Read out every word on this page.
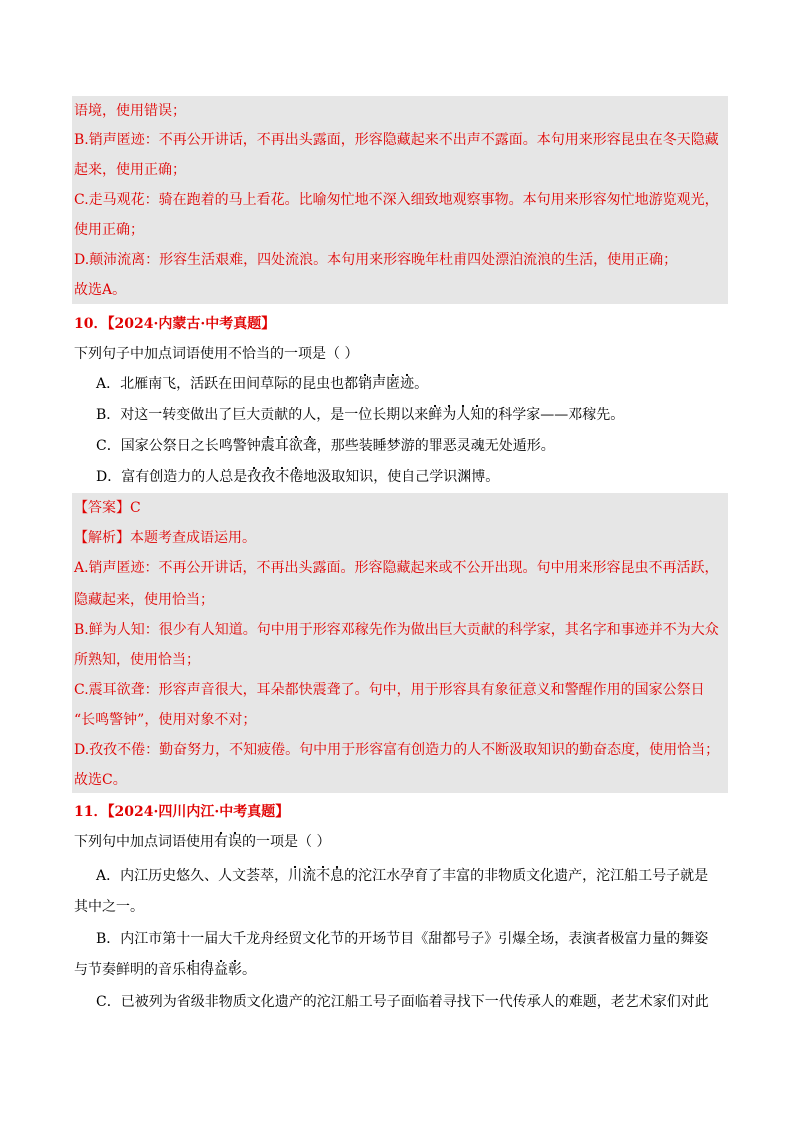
语境，使用错误；
B.销声匿迹：不再公开讲话，不再出头露面，形容隐藏起来不出声不露面。本句用来形容昆虫在冬天隐藏
起来，使用正确；
C.走马观花：骑在跑着的马上看花。比喻匆忙地不深入细致地观察事物。本句用来形容匆忙地游览观光，
使用正确；
D.颠沛流离：形容生活艰难，四处流浪。本句用来形容晚年杜甫四处漂泊流浪的生活，使用正确；
故选A。
10．【2024·内蒙古·中考真题】
下列句子中加点词语使用不恰当的一项是（ ）
A．北雁南飞，活跃在田间草际的昆虫也都销声匿迹。
B．对这一转变做出了巨大贡献的人，是一位长期以来鲜为人知的科学家——邓稼先。
C．国家公祭日之长鸣警钟震耳欲聋，那些装睡梦游的罪恶灵魂无处遁形。
D．富有创造力的人总是孜孜不倦地汲取知识，使自己学识渊博。
【答案】C
【解析】本题考查成语运用。
A.销声匿迹：不再公开讲话，不再出头露面。形容隐藏起来或不公开出现。句中用来形容昆虫不再活跃，
隐藏起来，使用恰当；
B.鲜为人知：很少有人知道。句中用于形容邓稼先作为做出巨大贡献的科学家，其名字和事迹并不为大众
所熟知，使用恰当；
C.震耳欲聋：形容声音很大，耳朵都快震聋了。句中，用于形容具有象征意义和警醒作用的国家公祭日
“长鸣警钟”，使用对象不对；
D.孜孜不倦：勤奋努力，不知疲倦。句中用于形容富有创造力的人不断汲取知识的勤奋态度，使用恰当；
故选C。
11．【2024·四川内江·中考真题】
下列句中加点词语使用有误的一项是（ ）
A．内江历史悠久、人文荟萃，川流不息的沱江水孕育了丰富的非物质文化遗产，沱江船工号子就是
其中之一。
B．内江市第十一届大千龙舟经贸文化节的开场节目《甜都号子》引爆全场，表演者极富力量的舞姿
与节奏鲜明的音乐相得益彰。
C．已被列为省级非物质文化遗产的沱江船工号子面临着寻找下一代传承人的难题，老艺术家们对此
